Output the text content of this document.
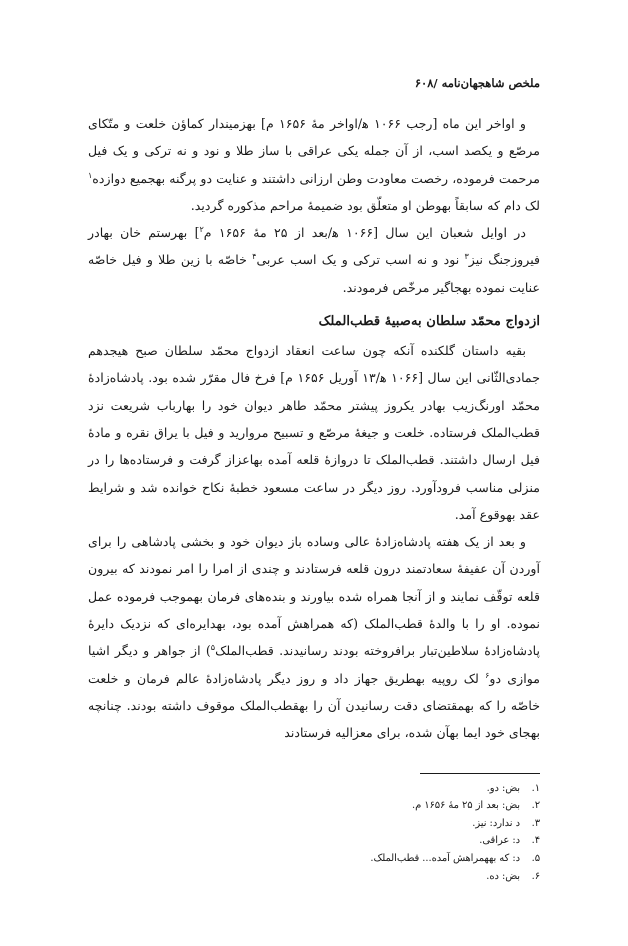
ملخص شاهجهان‌نامه /۶۰۸

و اواخر این ماه [رجب ۱۰۶۶ ﻫ/اواخر مهٔ ۱۶۵۶ م] بهزمیندار کماؤن خلعت و متّکای مرصّع و یکصد اسب، از آن جمله یکی عراقی با ساز طلا و نود و نه ترکی و یک فیل مرحمت فرموده، رخصت معاودت وطن ارزانی داشتند و عنایت دو پرگنه بهجمیع دوازده$^۱$ لک دام که سابقاً بهوطن او متعلّق بود ضمیمهٔ مراحم مذکوره گردید.

در اوایل شعبان این سال [۱۰۶۶ ﻫ/بعد از ۲۵ مهٔ ۱۶۵۶ م$^۲$] بهرستم خان بهادر فیروزجنگ نیز$^۳$ نود و نه اسب ترکی و یک اسب عربی$^۴$ خاصّه با زین طلا و فیل خاصّه عنایت نموده بهجاگیر مرخّص فرمودند.

ازدواج محمّد سلطان به‌صبیهٔ قطب‌الملک

بقیه داستان گلکنده آنکه چون ساعت انعقاد ازدواج محمّد سلطان صبح هیجدهم جمادی‌الثّانی این سال [۱۰۶۶ ﻫ/۱۳ آوریل ۱۶۵۶ م] فرخ فال مقرّر شده بود. پادشاه‌زادهٔ محمّد اورنگ‌زیب بهادر یکروز پیشتر محمّد طاهر دیوان خود را بهارباب شریعت نزد قطب‌الملک فرستاده. خلعت و جیغهٔ مرصّع و تسبیح مروارید و فیل با یراق نقره و مادهٔ فیل ارسال داشتند. قطب‌الملک تا دروازهٔ قلعه آمده بهاعزاز گرفت و فرستاده‌ها را در منزلی مناسب فرودآورد. روز دیگر در ساعت مسعود خطبهٔ نکاح خوانده شد و شرایط عقد بهوقوع آمد.

و بعد از یک هفته پادشاه‌زادهٔ عالی وساده باز دیوان خود و بخشی پادشاهی را برای آوردن آن عفیفهٔ سعادتمند درون قلعه فرستادند و چندی از امرا را امر نمودند که بیرون قلعه توقّف نمایند و از آنجا همراه شده بیاورند و بنده‌های فرمان بهموجب فرموده عمل نموده. او را با والدهٔ قطب‌الملک (که همراهش آمده بود، بهدایره‌ای که نزدیک دایرهٔ پادشاه‌زادهٔ سلاطین‌تبار برافروخته بودند رسانیدند. قطب‌الملک$^۵$) از جواهر و دیگر اشیا موازی دو$^۶$ لک روپیه بهطریق جهاز داد و روز دیگر پادشاه‌زادهٔ عالم فرمان و خلعت خاصّه را که بهمقتضای دقت رسانیدن آن را بهقطب‌الملک موقوف داشته بودند. چنانچه بهجای خود ایما بهآن شده، برای معزالیه فرستادند

۱.
بض: دو.
۲.
بض: بعد از ۲۵ مهٔ ۱۶۵۶ م.
۳.
د ندارد: نیز.
۴.
د: عراقی.
۵.
د: که بههمراهش آمده... قطب‌الملک.
۶.
بض: ده.
